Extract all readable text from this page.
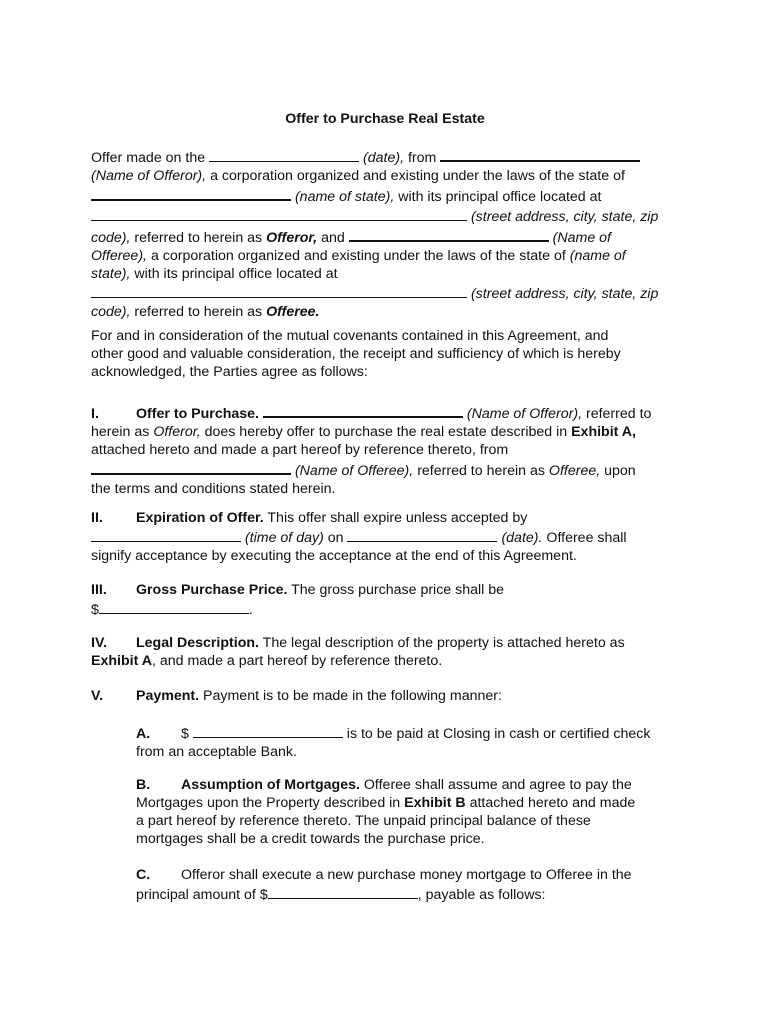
Offer to Purchase Real Estate

Offer made on the	(date), from

(Name of Offeror), a corporation organized and existing under the laws of the state of

(name of state), with its principal office located at

(street address, city, state, zip

code), referred to herein as Offeror, and	(Name of

Offeree), a corporation organized and existing under the laws of the state of (name of

state), with its principal office located at

(street address, city, state, zip

code), referred to herein as Offeree.

For and in consideration of the mutual covenants contained in this Agreement, and

other good and valuable consideration, the receipt and sufficiency of which is hereby

acknowledged, the Parties agree as follows:

I.	Offer to Purchase.	(Name of Offeror), referred to

herein as Offeror, does hereby offer to purchase the real estate described in Exhibit A,

attached hereto and made a part hereof by reference thereto, from

(Name of Offeree), referred to herein as Offeree, upon

the terms and conditions stated herein.

II. Expiration of Offer. This offer shall expire unless accepted by

(time of day) on	(date). Offeree shall

signify acceptance by executing the acceptance at the end of this Agreement.

III. Gross Purchase Price. The gross purchase price shall be

$	.

IV. Legal Description. The legal description of the property is attached hereto as

Exhibit A, and made a part hereof by reference thereto.

V. Payment. Payment is to be made in the following manner:

A. $	is to be paid at Closing in cash or certified check

from an acceptable Bank.

B. Assumption of Mortgages. Offeree shall assume and agree to pay the

Mortgages upon the Property described in Exhibit B attached hereto and made

a part hereof by reference thereto. The unpaid principal balance of these

mortgages shall be a credit towards the purchase price.

C. Offeror shall execute a new purchase money mortgage to Offeree in the

principal amount of $	, payable as follows:
